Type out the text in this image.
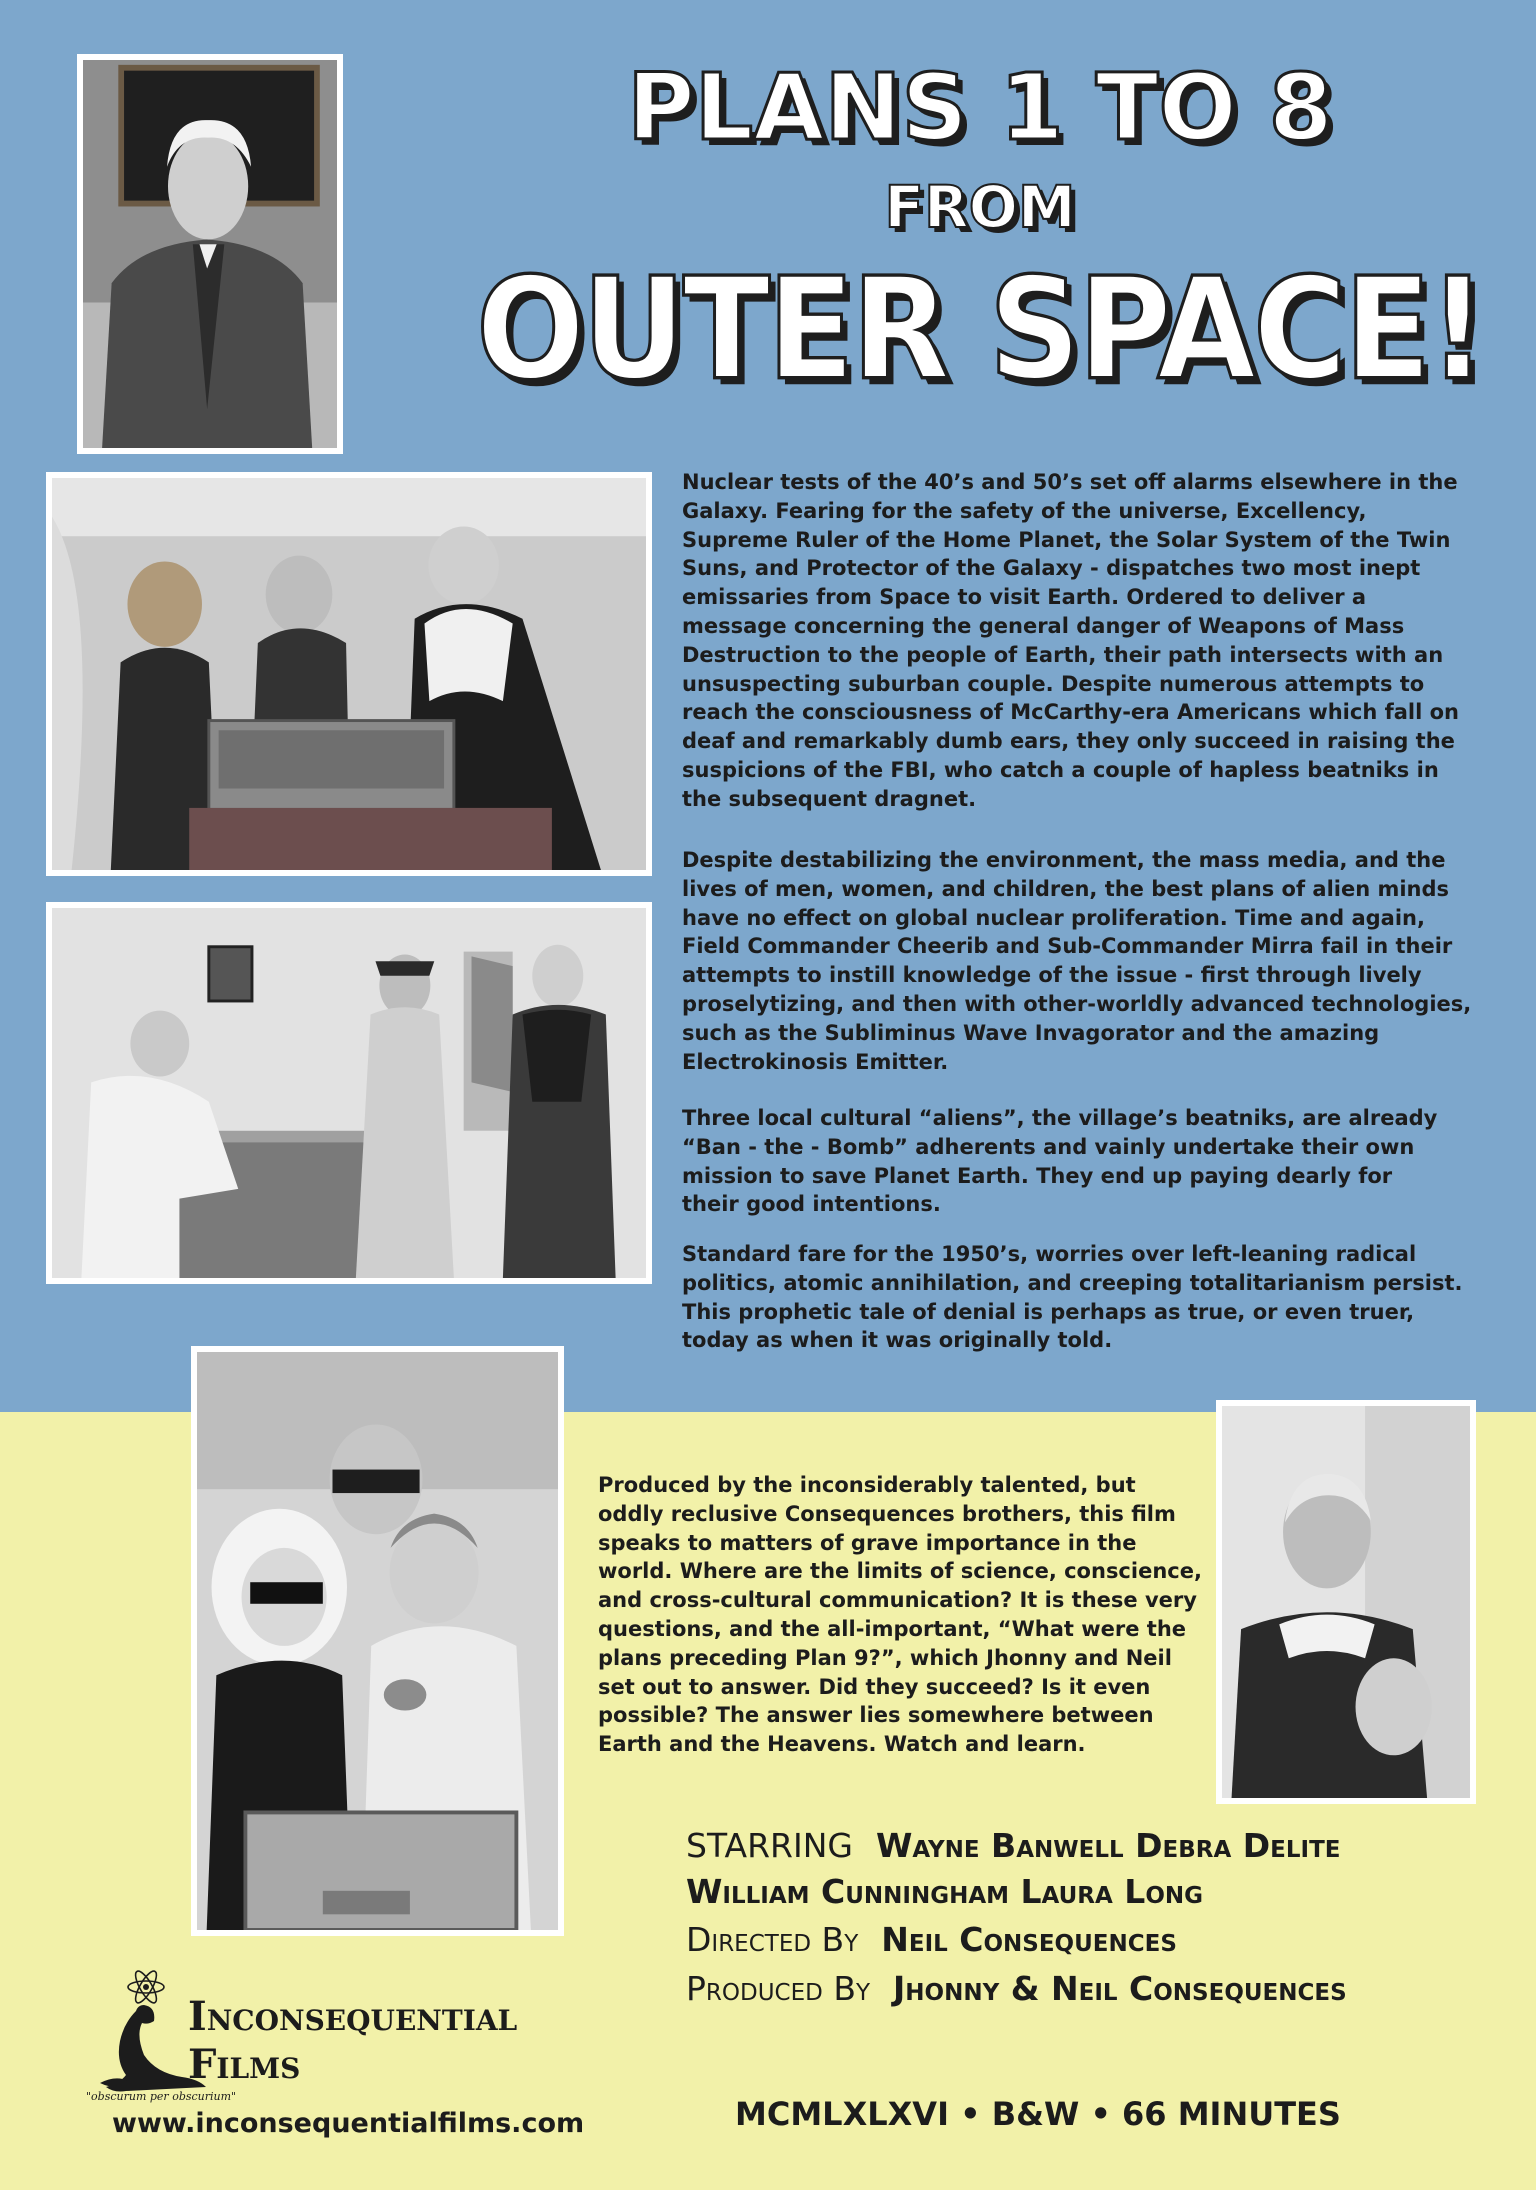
PLANS 1 TO 8
FROM
OUTER SPACE!

Nuclear tests of the 40’s and 50’s set off alarms elsewhere in the Galaxy. Fearing for the safety of the universe, Excellency, Supreme Ruler of the Home Planet, the Solar System of the Twin Suns, and Protector of the Galaxy - dispatches two most inept emissaries from Space to visit Earth. Ordered to deliver a message concerning the general danger of Weapons of Mass Destruction to the people of Earth, their path intersects with an unsuspecting suburban couple. Despite numerous attempts to reach the consciousness of McCarthy-era Americans which fall on deaf and remarkably dumb ears, they only succeed in raising the suspicions of the FBI, who catch a couple of hapless beatniks in the subsequent dragnet.

Despite destabilizing the environment, the mass media, and the lives of men, women, and children, the best plans of alien minds have no effect on global nuclear proliferation. Time and again, Field Commander Cheerib and Sub-Commander Mirra fail in their attempts to instill knowledge of the issue - first through lively proselytizing, and then with other-worldly advanced technologies, such as the Subliminus Wave Invagorator and the amazing Electrokinosis Emitter.

Three local cultural “aliens”, the village’s beatniks, are already “Ban - the - Bomb” adherents and vainly undertake their own mission to save Planet Earth. They end up paying dearly for their good intentions.

Standard fare for the 1950’s, worries over left-leaning radical politics, atomic annihilation, and creeping totalitarianism persist. This prophetic tale of denial is perhaps as true, or even truer, today as when it was originally told.

Produced by the inconsiderably talented, but oddly reclusive Consequences brothers, this film speaks to matters of grave importance in the world. Where are the limits of science, conscience, and cross-cultural communication? It is these very questions, and the all-important, “What were the plans preceding Plan 9?”, which Jhonny and Neil set out to answer. Did they succeed? Is it even possible? The answer lies somewhere between Earth and the Heavens. Watch and learn.

STARRING Wayne Banwell Debra Delite

William Cunningham Laura Long

Directed By Neil Consequences

Produced By Jhonny & Neil Consequences

Inconsequential

Films

"obscurum per obscurium"

www.inconsequentialfilms.com	MCMLXLXVI • B&W • 66 MINUTES
